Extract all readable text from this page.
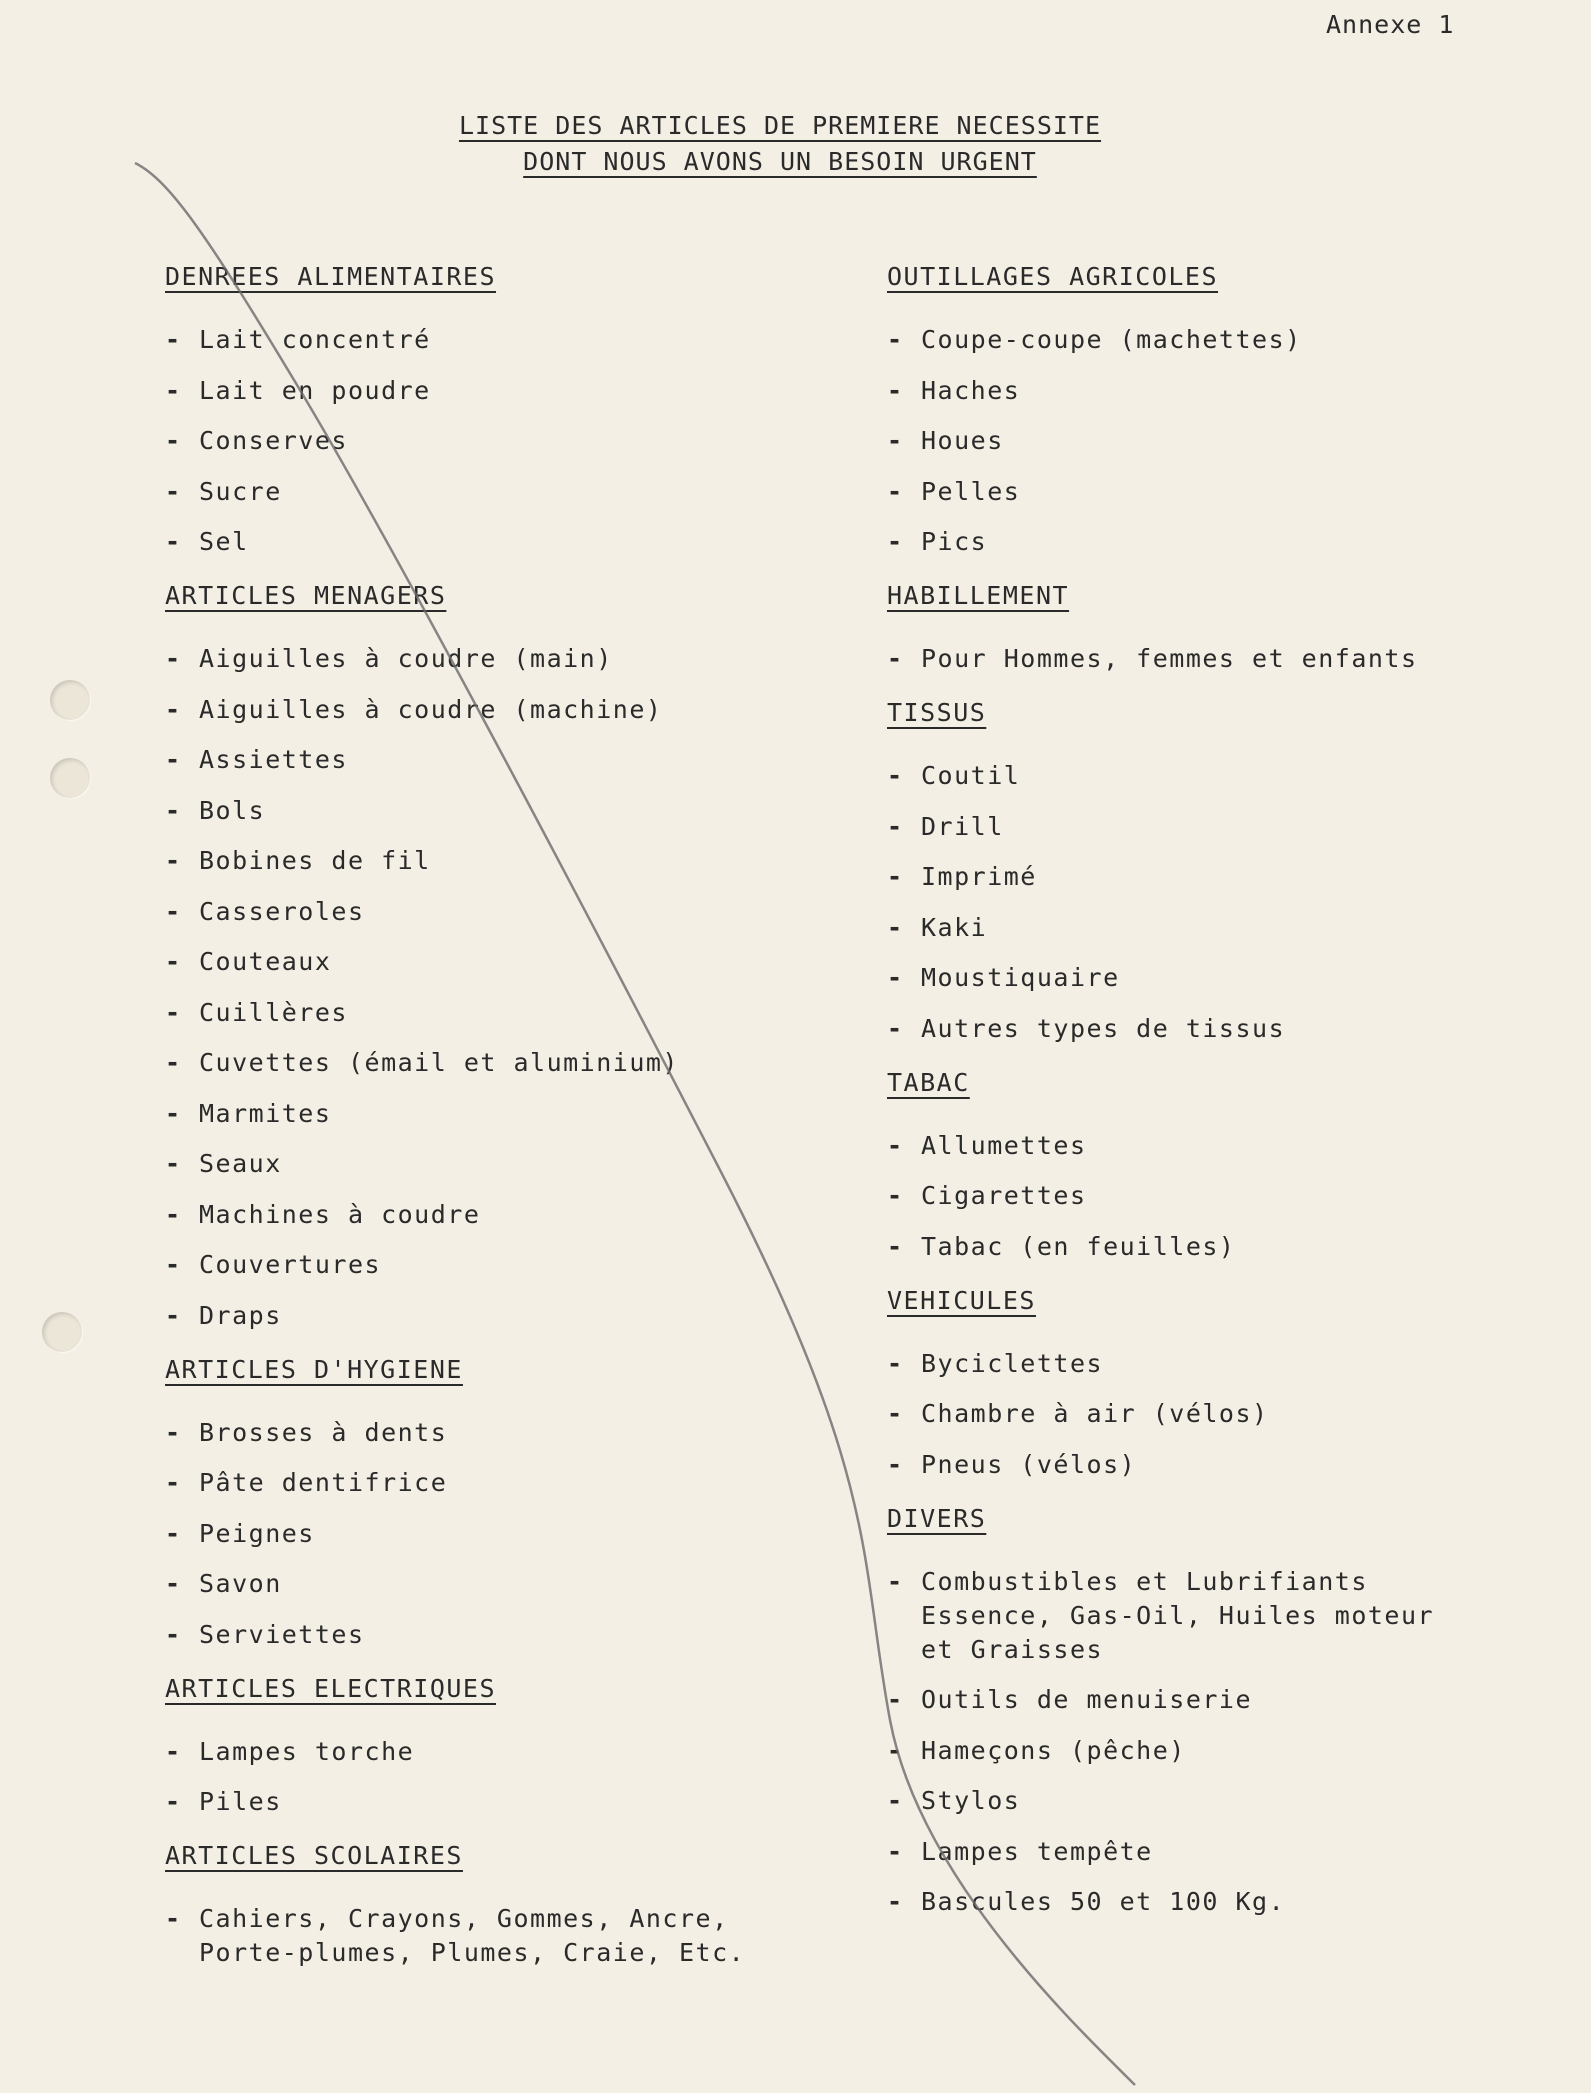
Annexe 1
LISTE DES ARTICLES DE PREMIERE NECESSITE
DONT NOUS AVONS UN BESOIN URGENT
DENREES ALIMENTAIRES
- Lait concentré
- Lait en poudre
- Conserves
- Sucre
- Sel
ARTICLES MENAGERS
- Aiguilles à coudre (main)
- Aiguilles à coudre (machine)
- Assiettes
- Bols
- Bobines de fil
- Casseroles
- Couteaux
- Cuillères
- Cuvettes (émail et aluminium)
- Marmites
- Seaux
- Machines à coudre
- Couvertures
- Draps
ARTICLES D'HYGIENE
- Brosses à dents
- Pâte dentifrice
- Peignes
- Savon
- Serviettes
ARTICLES ELECTRIQUES
- Lampes torche
- Piles
ARTICLES SCOLAIRES
- Cahiers, Crayons, Gommes, Ancre,
Porte-plumes, Plumes, Craie, Etc.
OUTILLAGES AGRICOLES
- Coupe-coupe (machettes)
- Haches
- Houes
- Pelles
- Pics
HABILLEMENT
- Pour Hommes, femmes et enfants
TISSUS
- Coutil
- Drill
- Imprimé
- Kaki
- Moustiquaire
- Autres types de tissus
TABAC
- Allumettes
- Cigarettes
- Tabac (en feuilles)
VEHICULES
- Byciclettes
- Chambre à air (vélos)
- Pneus (vélos)
DIVERS
- Combustibles et Lubrifiants
Essence, Gas-Oil, Huiles moteur
et Graisses
- Outils de menuiserie
- Hameçons (pêche)
- Stylos
- Lampes tempête
- Bascules 50 et 100 Kg.
